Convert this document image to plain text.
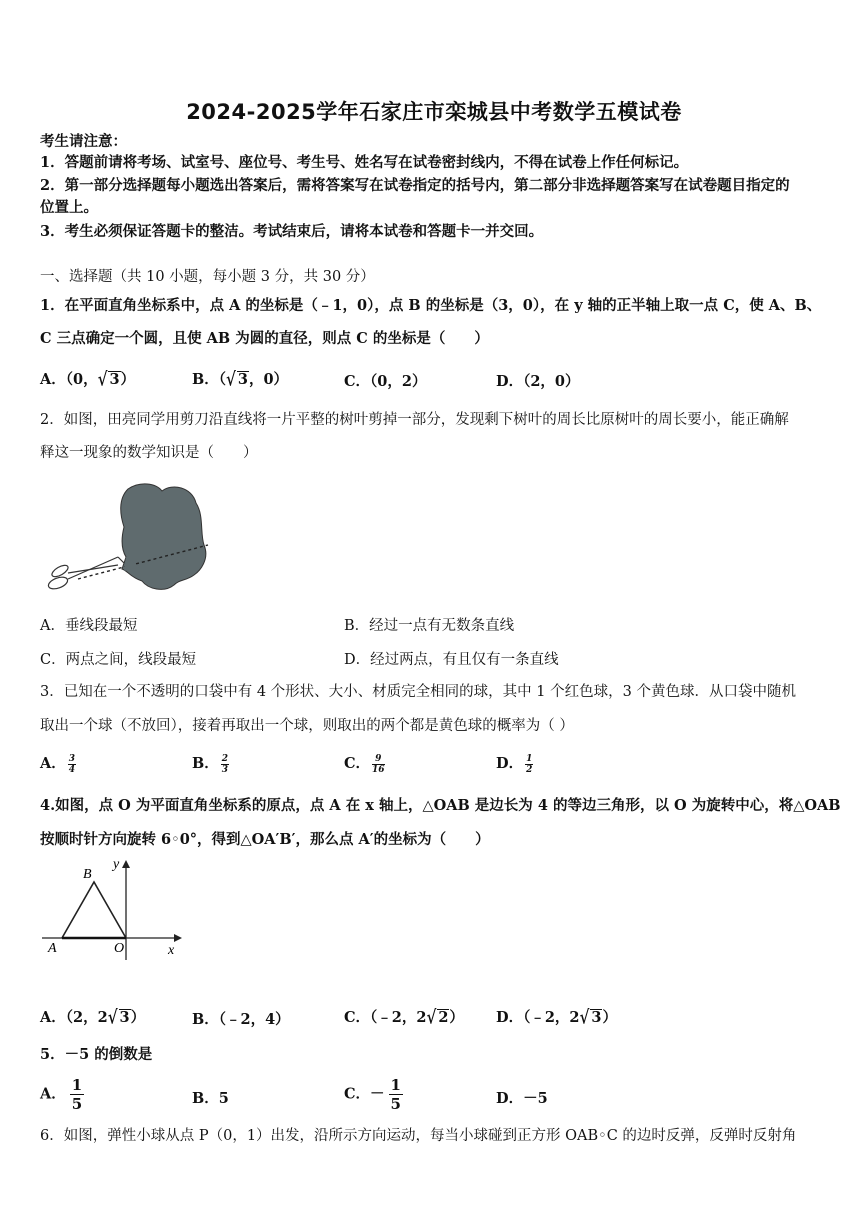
2024-2025学年石家庄市栾城县中考数学五模试卷
考生请注意：
1．答题前请将考场、试室号、座位号、考生号、姓名写在试卷密封线内，不得在试卷上作任何标记。
2．第一部分选择题每小题选出答案后，需将答案写在试卷指定的括号内，第二部分非选择题答案写在试卷题目指定的
位置上。
3．考生必须保证答题卡的整洁。考试结束后，请将本试卷和答题卡一并交回。
一、选择题（共 10 小题，每小题 3 分，共 30 分）
1．在平面直角坐标系中，点 A 的坐标是（﹣1，0），点 B 的坐标是（3，0），在 y 轴的正半轴上取一点 C，使 A、B、
C 三点确定一个圆，且使 AB 为圆的直径，则点 C 的坐标是（　　）
A．（0，√ 3）	B．（√ 3，0）	C．（0，2）	D．（2，0）
2．如图，田亮同学用剪刀沿直线将一片平整的树叶剪掉一部分，发现剩下树叶的周长比原树叶的周长要小，能正确解
释这一现象的数学知识是（　　）
A．垂线段最短	B．经过一点有无数条直线
C．两点之间，线段最短	D．经过两点，有且仅有一条直线
3．已知在一个不透明的口袋中有 4 个形状、大小、材质完全相同的球，其中 1 个红色球，3 个黄色球．从口袋中随机
取出一个球（不放回），接着再取出一个球，则取出的两个都是黄色球的概率为（ ）
A． $\frac{3}{4}$	B． $\frac{2}{3}$	C． $\frac{9}{16}$	D． $\frac{1}{2}$
4.如图，点 O 为平面直角坐标系的原点，点 A 在 x 轴上，△OAB 是边长为 4 的等边三角形，以 O 为旋转中心，将△OAB
按顺时针方向旋转 6◦0°，得到△OA′B′，那么点 A′的坐标为（　　）
B
y
A	O	x
A．（2，2√ 3）	B．（﹣2，4）	C．（﹣2，2√ 2） D．（﹣2，2√ 3）
5．－5 的倒数是
A． $\frac{1}{5}$	B．5	C．－ $\frac{1}{5}$	D．－5
6．如图，弹性小球从点 P（0，1）出发，沿所示方向运动，每当小球碰到正方形 OAB◦C 的边时反弹，反弹时反射角
